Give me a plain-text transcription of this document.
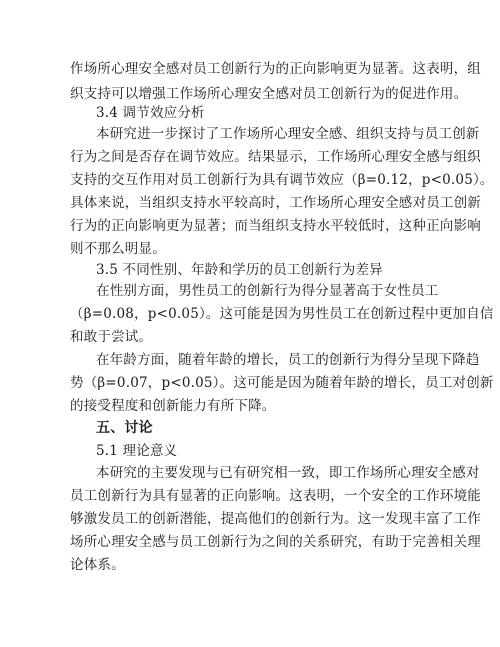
作场所心理安全感对员工创新行为的正向影响更为显著。这表明，组
织支持可以增强工作场所心理安全感对员工创新行为的促进作用。
3.4 调节效应分析
本研究进一步探讨了工作场所心理安全感、组织支持与员工创新
行为之间是否存在调节效应。结果显示，工作场所心理安全感与组织
支持的交互作用对员工创新行为具有调节效应（β=0.12，p<0.05）。
具体来说，当组织支持水平较高时，工作场所心理安全感对员工创新
行为的正向影响更为显著；而当组织支持水平较低时，这种正向影响
则不那么明显。
3.5 不同性别、年龄和学历的员工创新行为差异
在性别方面，男性员工的创新行为得分显著高于女性员工
（β=0.08，p<0.05）。这可能是因为男性员工在创新过程中更加自信
和敢于尝试。
在年龄方面，随着年龄的增长，员工的创新行为得分呈现下降趋
势（β=0.07，p<0.05）。这可能是因为随着年龄的增长，员工对创新
的接受程度和创新能力有所下降。
五、讨论
5.1 理论意义
本研究的主要发现与已有研究相一致，即工作场所心理安全感对
员工创新行为具有显著的正向影响。这表明，一个安全的工作环境能
够激发员工的创新潜能，提高他们的创新行为。这一发现丰富了工作
场所心理安全感与员工创新行为之间的关系研究，有助于完善相关理
论体系。
